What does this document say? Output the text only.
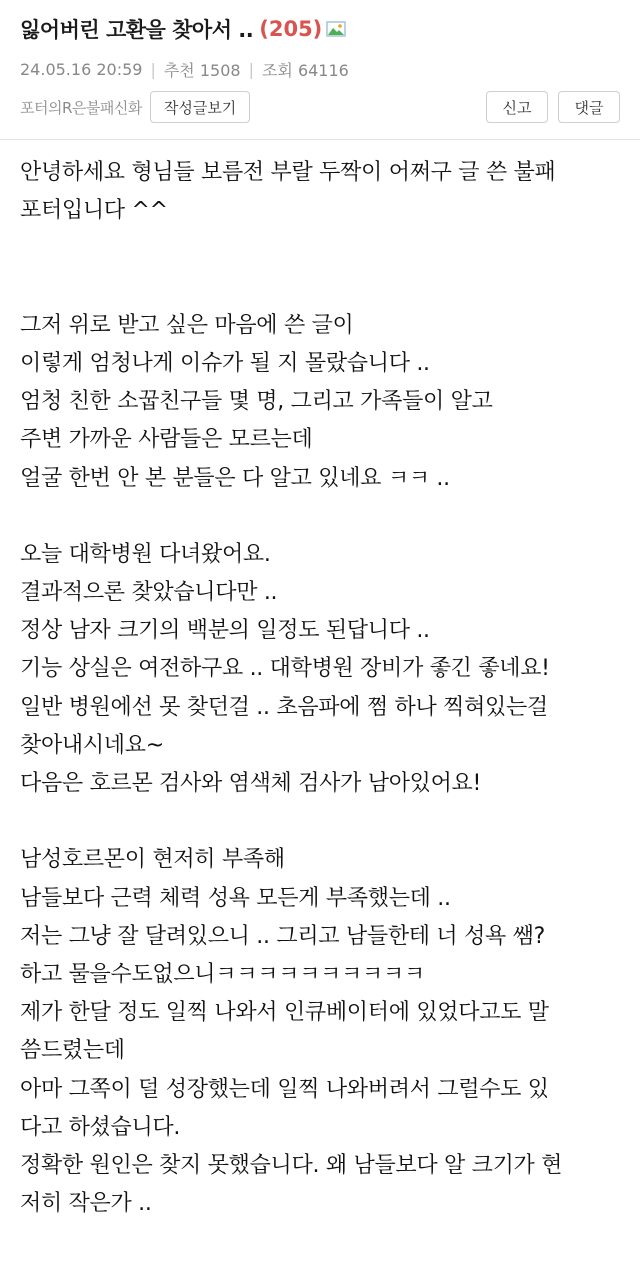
잃어버린 고환을 찾아서 .. (205)
24.05.16 20:59 | 추천 1508 | 조회 64116
포터의R은불패신화	작성글보기	신고	댓글
안녕하세요 형님들 보름전 부랄 두짝이 어쩌구 글 쓴 불패
포터입니다 ^^
그저 위로 받고 싶은 마음에 쓴 글이
이렇게 엄청나게 이슈가 될 지 몰랐습니다 ..
엄청 친한 소꿉친구들 몇 명, 그리고 가족들이 알고
주변 가까운 사람들은 모르는데
얼굴 한번 안 본 분들은 다 알고 있네요 ㅋㅋ ..
오늘 대학병원 다녀왔어요.
결과적으론 찾았습니다만 ..
정상 남자 크기의 백분의 일정도 된답니다 ..
기능 상실은 여전하구요 .. 대학병원 장비가 좋긴 좋네요!
일반 병원에선 못 찾던걸 .. 초음파에 쩜 하나 찍혀있는걸
찾아내시네요~
다음은 호르몬 검사와 염색체 검사가 남아있어요!
남성호르몬이 현저히 부족해
남들보다 근력 체력 성욕 모든게 부족했는데 ..
저는 그냥 잘 달려있으니 .. 그리고 남들한테 너 성욕 쌤?
하고 물을수도없으니ㅋㅋㅋㅋㅋㅋㅋㅋㅋㅋ
제가 한달 정도 일찍 나와서 인큐베이터에 있었다고도 말
씀드렸는데
아마 그쪽이 덜 성장했는데 일찍 나와버려서 그럴수도 있
다고 하셨습니다.
정확한 원인은 찾지 못했습니다. 왜 남들보다 알 크기가 현
저히 작은가 ..
